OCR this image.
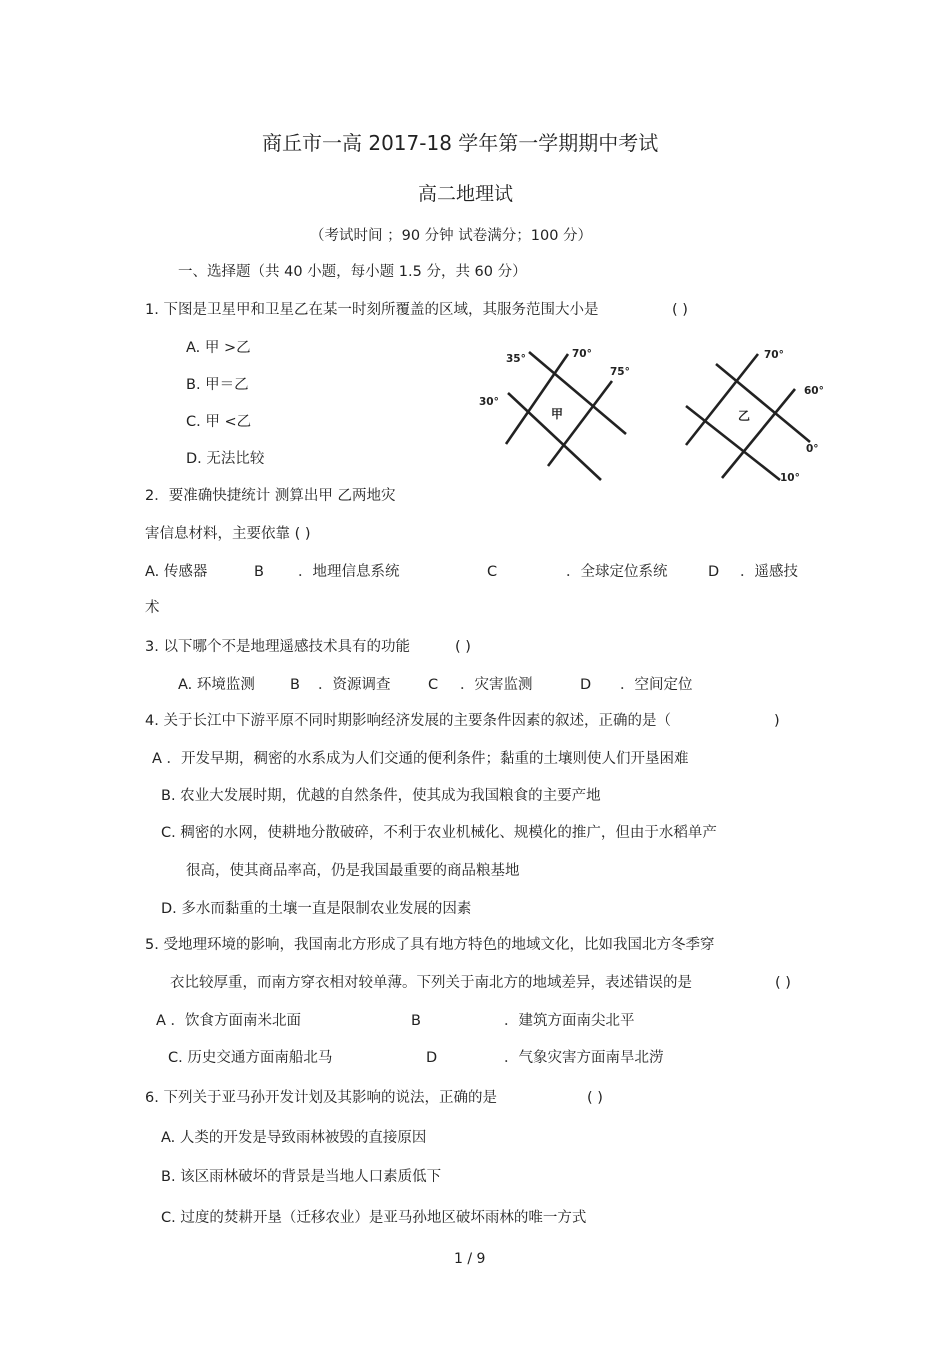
商丘市一高 2017-18 学年第一学期期中考试
高二地理试
（考试时间 ；90 分钟 试卷满分；100 分）
一、选择题（共 40 小题，每小题 1.5 分，共 60 分）
1. 下图是卫星甲和卫星乙在某一时刻所覆盖的区域，其服务范围大小是	( )
A. 甲 >乙
B. 甲＝乙
C. 甲 <乙
D. 无法比较
35°	70°
75°
30°
甲
70°
60°
0°
10°
乙
2．要准确快捷统计 测算出甲 乙两地灾
害信息材料，主要依靠 ( )
A. 传感器	B ．地理信息系统	C	．全球定位系统	D ．遥感技
术
3. 以下哪个不是地理遥感技术具有的功能	( )
A. 环境监测 B ．资源调查	C ．灾害监测	D ．空间定位
4. 关于长江中下游平原不同时期影响经济发展的主要条件因素的叙述，正确的是（	)
A ．开发早期，稠密的水系成为人们交通的便利条件；黏重的土壤则使人们开垦困难
B. 农业大发展时期，优越的自然条件，使其成为我国粮食的主要产地
C. 稠密的水网，使耕地分散破碎，不利于农业机械化、规模化的推广，但由于水稻单产
很高，使其商品率高，仍是我国最重要的商品粮基地
D. 多水而黏重的土壤一直是限制农业发展的因素
5. 受地理环境的影响，我国南北方形成了具有地方特色的地域文化，比如我国北方冬季穿
衣比较厚重，而南方穿衣相对较单薄。下列关于南北方的地域差异，表述错误的是	( )
A ．饮食方面南米北面	B	．建筑方面南尖北平
C. 历史交通方面南船北马	D	．气象灾害方面南旱北涝
6. 下列关于亚马孙开发计划及其影响的说法，正确的是	( )
A. 人类的开发是导致雨林被毁的直接原因
B. 该区雨林破坏的背景是当地人口素质低下
C. 过度的焚耕开垦（迁移农业）是亚马孙地区破坏雨林的唯一方式
1 / 9
